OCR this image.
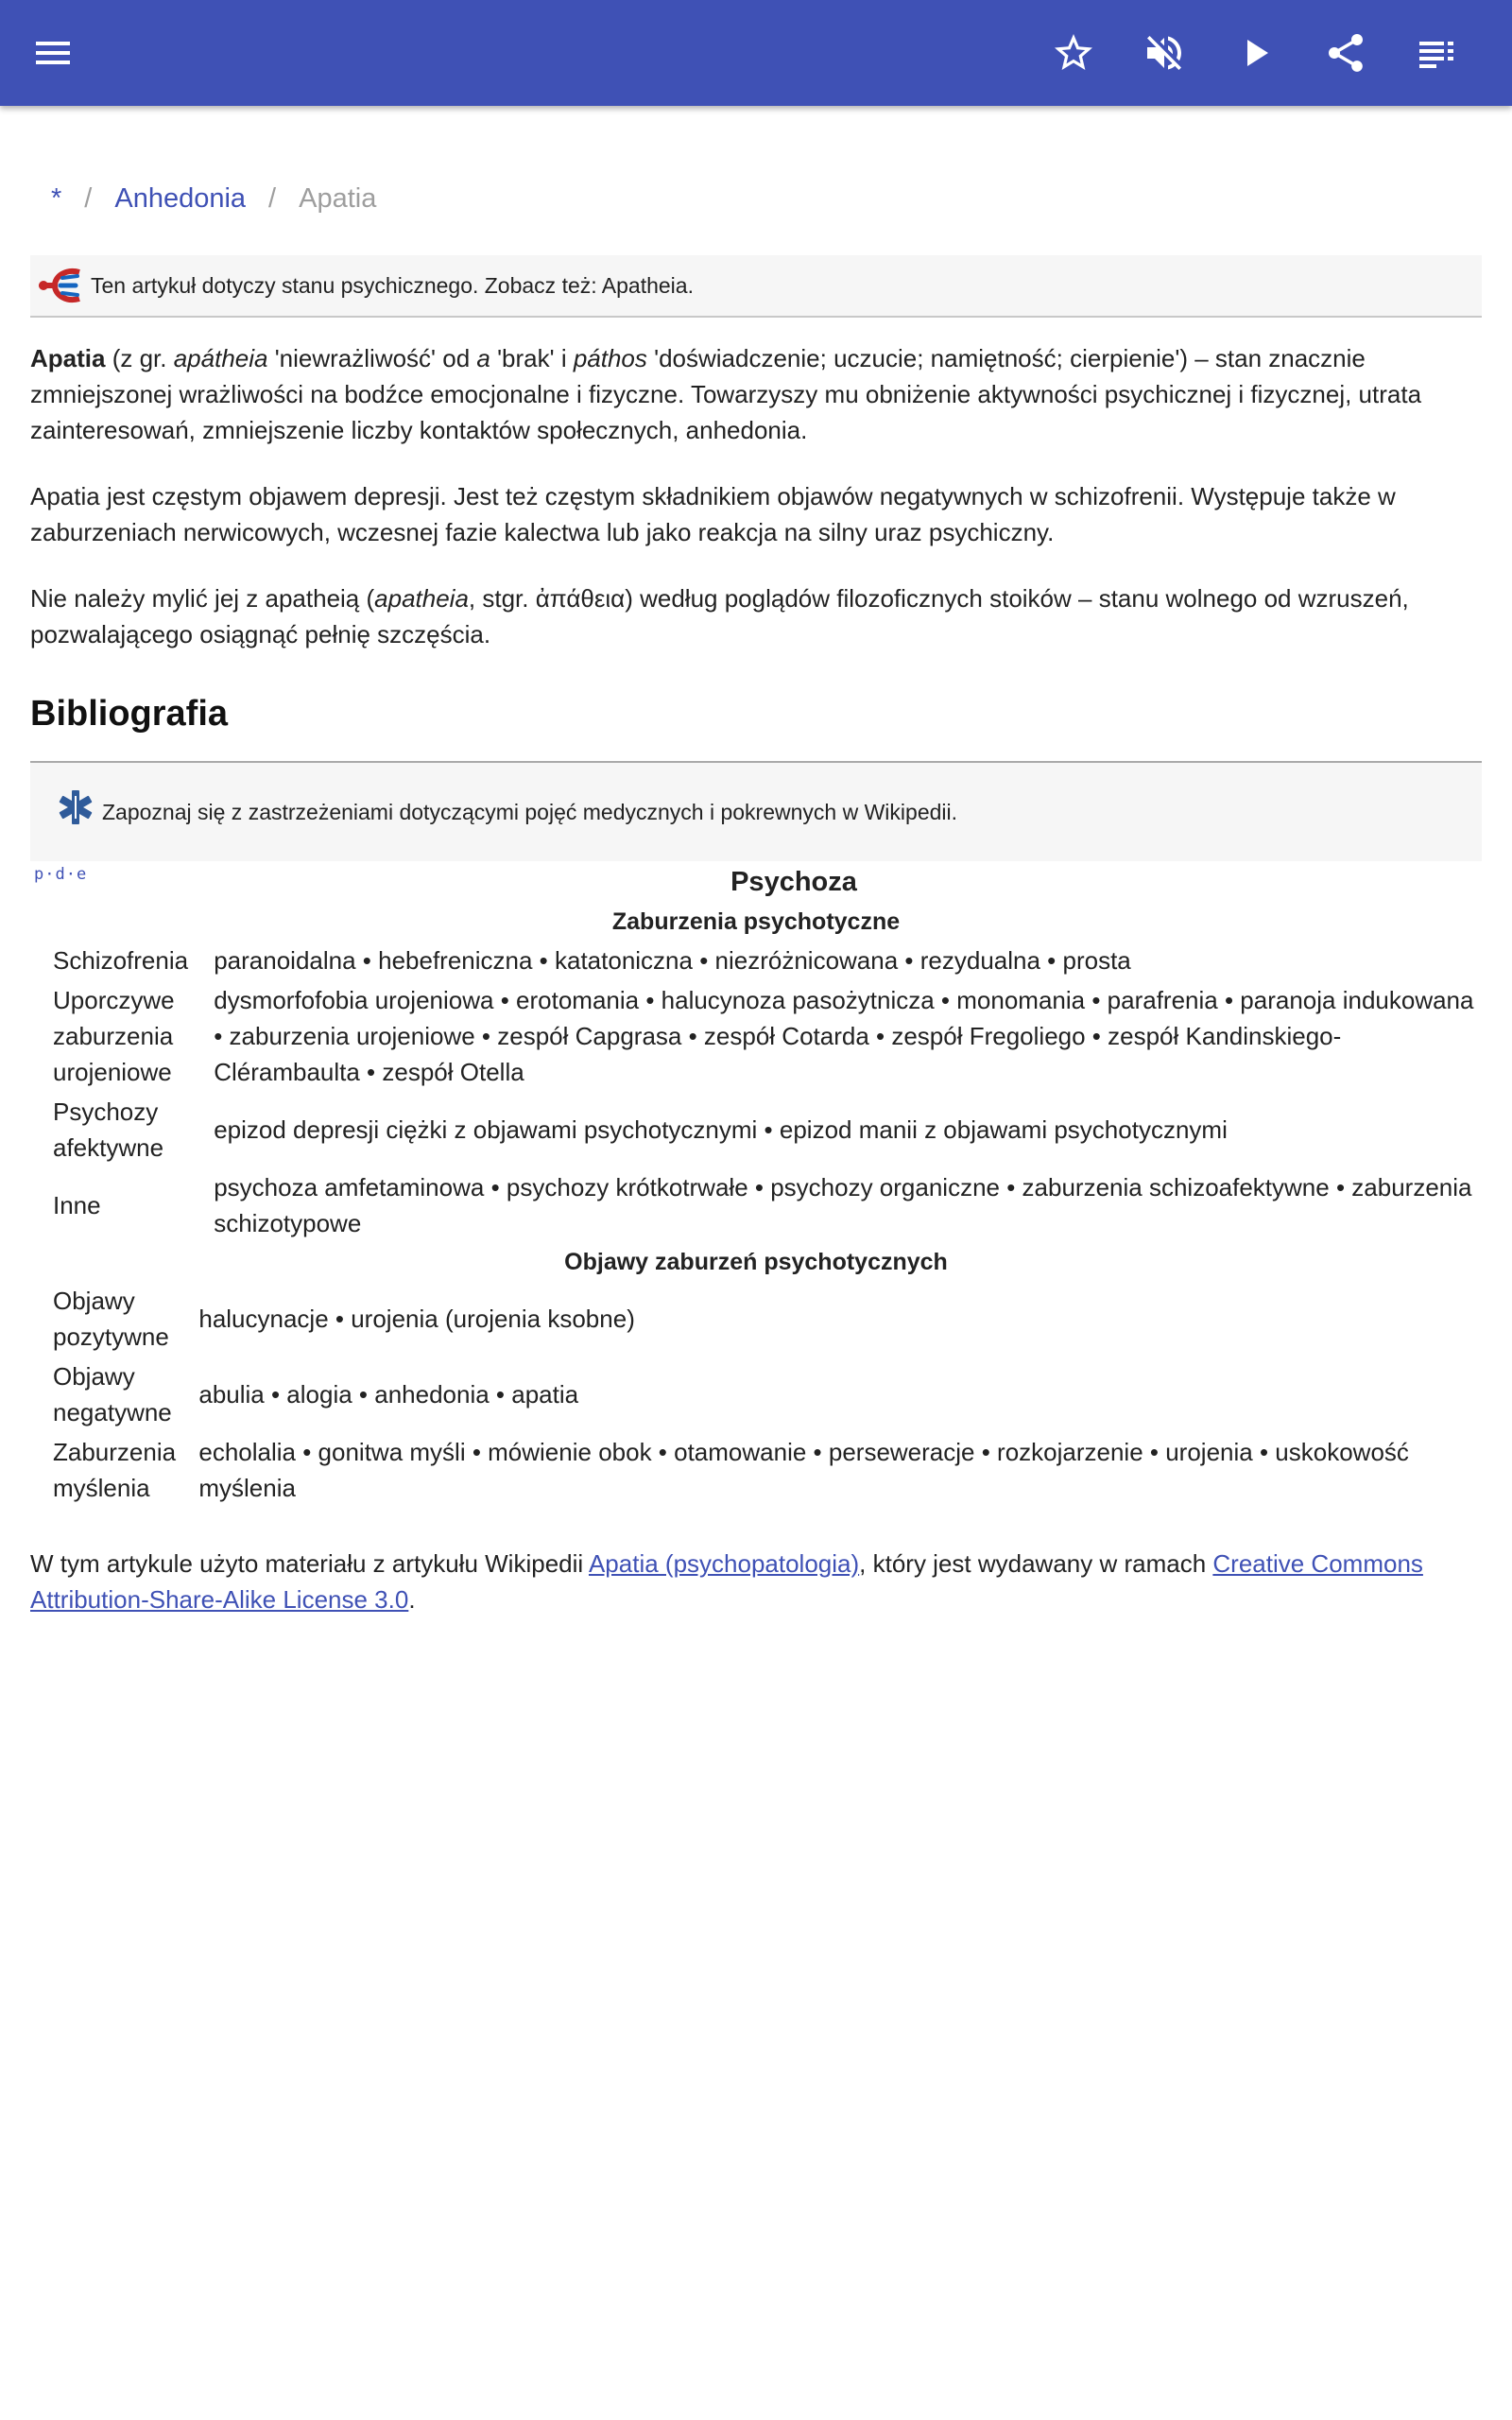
* / Anhedonia / Apatia
Ten artykuł dotyczy stanu psychicznego. Zobacz też: Apatheia.

Apatia (z gr. apátheia 'niewrażliwość' od a 'brak' i páthos 'doświadczenie; uczucie; namiętność; cierpienie') – stan znacznie zmniejszonej wrażliwości na bodźce emocjonalne i fizyczne. Towarzyszy mu obniżenie aktywności psychicznej i fizycznej, utrata zainteresowań, zmniejszenie liczby kontaktów społecznych, anhedonia.

Apatia jest częstym objawem depresji. Jest też częstym składnikiem objawów negatywnych w schizofrenii. Występuje także w zaburzeniach nerwicowych, wczesnej fazie kalectwa lub jako reakcja na silny uraz psychiczny.

Nie należy mylić jej z apatheią (apatheia, stgr. ἀπάθεια) według poglądów filozoficznych stoików – stanu wolnego od wzruszeń, pozwalającego osiągnąć pełnię szczęścia.

Bibliografia
Zapoznaj się z zastrzeżeniami dotyczącymi pojęć medycznych i pokrewnych w Wikipedii.
p·d·e	Psychoza
Zaburzenia psychotyczne
Schizofrenia	paranoidalna • hebefreniczna • katatoniczna • niezróżnicowana • rezydualna • prosta
Uporczywe zaburzenia urojeniowe
dysmorfofobia urojeniowa • erotomania • halucynoza pasożytnicza • monomania • parafrenia • paranoja indukowana • zaburzenia urojeniowe • zespół Capgrasa • zespół Cotarda • zespół Fregoliego • zespół Kandinskiego-Clérambaulta • zespół Otella
Psychozy afektywne
epizod depresji ciężki z objawami psychotycznymi • epizod manii z objawami psychotycznymi
Inne
psychoza amfetaminowa • psychozy krótkotrwałe • psychozy organiczne • zaburzenia schizoafektywne • zaburzenia schizotypowe
Objawy zaburzeń psychotycznych
Objawy pozytywne
halucynacje • urojenia (urojenia ksobne)
Objawy negatywne
abulia • alogia • anhedonia • apatia
Zaburzenia myślenia
echolalia • gonitwa myśli • mówienie obok • otamowanie • perseweracje • rozkojarzenie • urojenia • uskokowość myślenia

W tym artykule użyto materiału z artykułu Wikipedii Apatia (psychopatologia), który jest wydawany w ramach Creative Commons Attribution-Share-Alike License 3.0.
